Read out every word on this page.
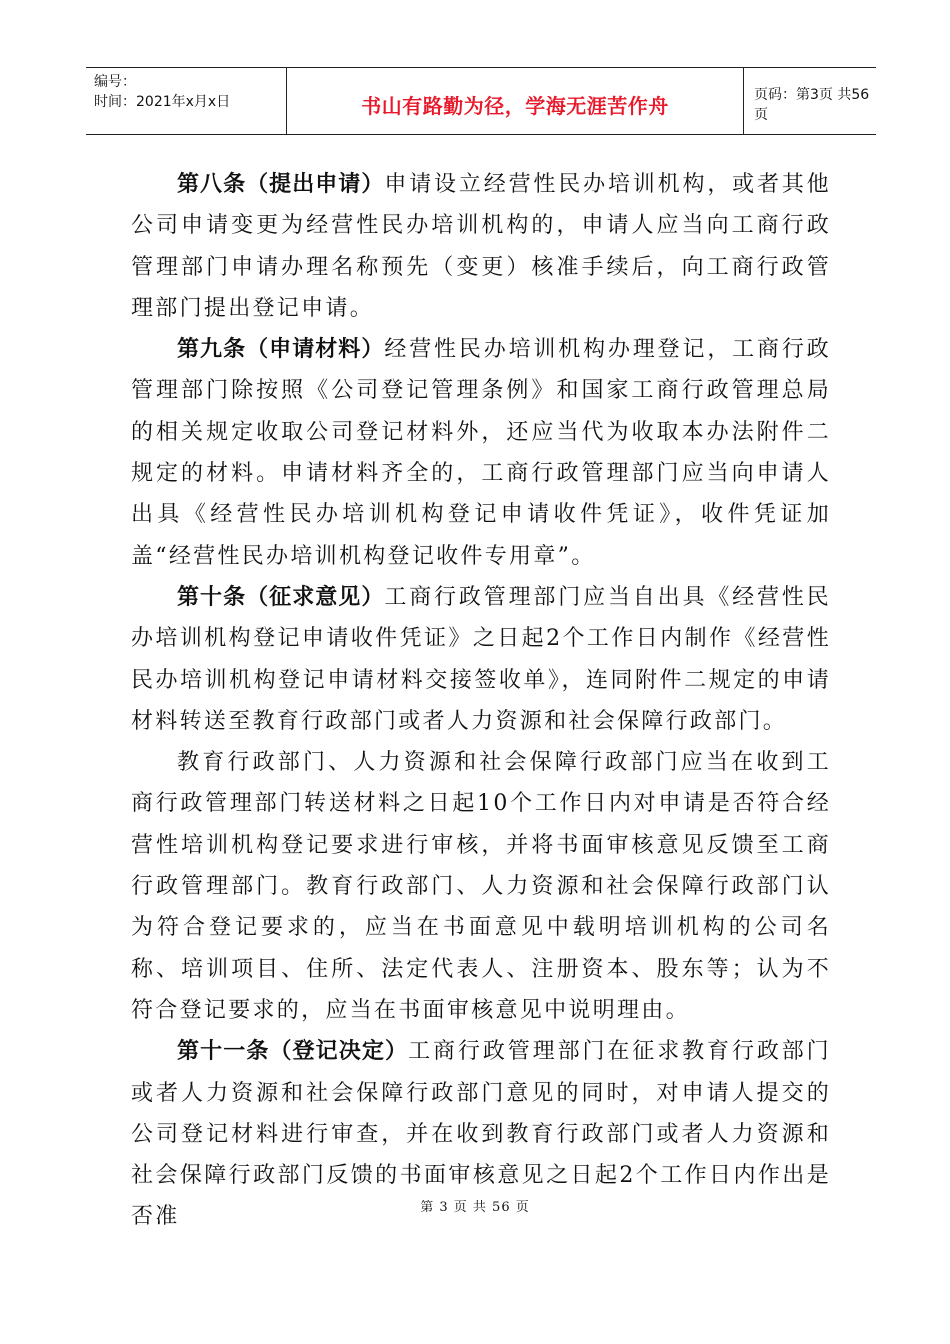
编号：
时间：2021年x月x日	书山有路勤为径，学海无涯苦作舟	页码：第3页 共56页

第八条（提出申请）申请设立经营性民办培训机构，或者其他公司申请变更为经营性民办培训机构的，申请人应当向工商行政管理部门申请办理名称预先（变更）核准手续后，向工商行政管理部门提出登记申请。

第九条（申请材料）经营性民办培训机构办理登记，工商行政管理部门除按照《公司登记管理条例》和国家工商行政管理总局的相关规定收取公司登记材料外，还应当代为收取本办法附件二规定的材料。申请材料齐全的，工商行政管理部门应当向申请人出具《经营性民办培训机构登记申请收件凭证》，收件凭证加盖“经营性民办培训机构登记收件专用章”。

第十条（征求意见）工商行政管理部门应当自出具《经营性民办培训机构登记申请收件凭证》之日起2个工作日内制作《经营性民办培训机构登记申请材料交接签收单》，连同附件二规定的申请材料转送至教育行政部门或者人力资源和社会保障行政部门。

教育行政部门、人力资源和社会保障行政部门应当在收到工商行政管理部门转送材料之日起10个工作日内对申请是否符合经营性培训机构登记要求进行审核，并将书面审核意见反馈至工商行政管理部门。教育行政部门、人力资源和社会保障行政部门认为符合登记要求的，应当在书面意见中载明培训机构的公司名称、培训项目、住所、法定代表人、注册资本、股东等；认为不符合登记要求的，应当在书面审核意见中说明理由。

第十一条（登记决定）工商行政管理部门在征求教育行政部门或者人力资源和社会保障行政部门意见的同时，对申请人提交的公司登记材料进行审查，并在收到教育行政部门或者人力资源和社会保障行政部门反馈的书面审核意见之日起2个工作日内作出是否准	第 3 页 共 56 页
